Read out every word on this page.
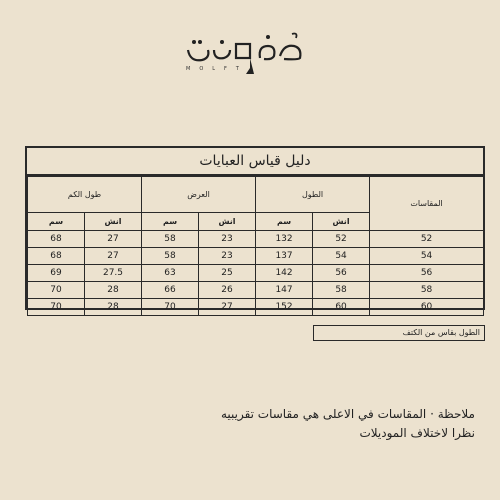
MOLFT
دليل قياس العبايات
طول الكم		العرض		الطول		المقاسات
سم	انش	سم	انش	سم	انش	
68	27	58	23	132	52	52
68	27	58	23	137	54	54
69	27.5	63	25	142	56	56
70	28	66	26	147	58	58
70	28	70	27	152	60	60
الطول بقاس من الكتف
ملاحظة · المقاسات في الاعلى هي مقاسات تقريبيه
نظرا لاختلاف الموديلات
